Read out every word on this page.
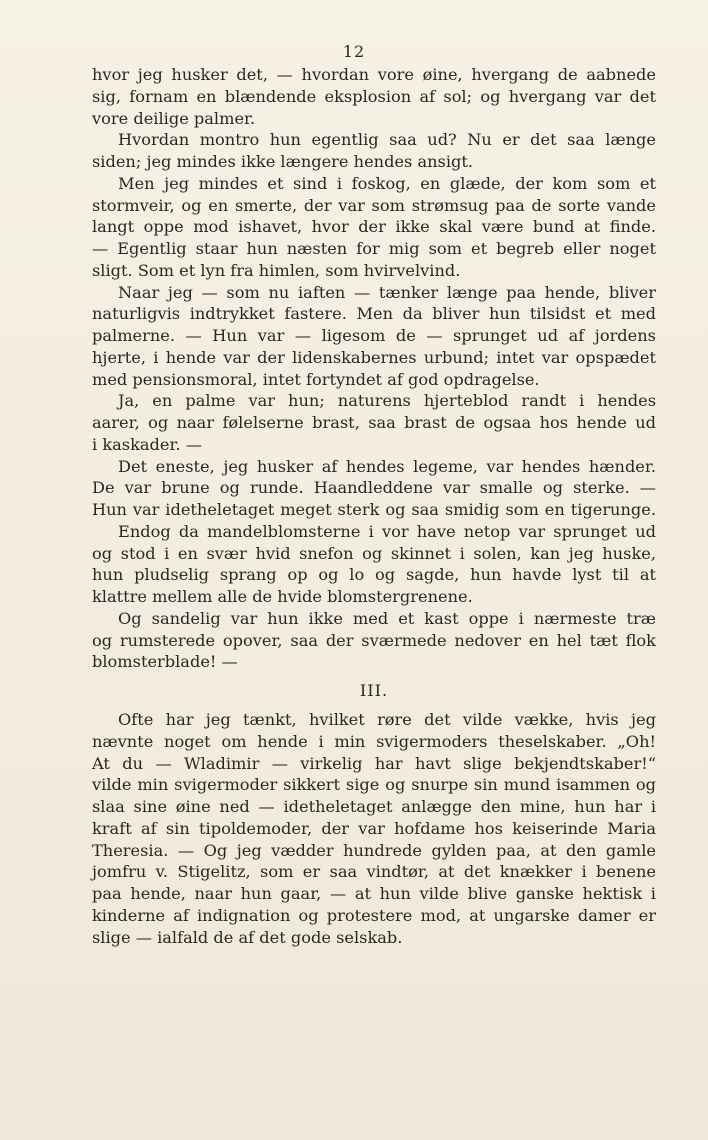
12
hvor jeg husker det, — hvordan vore øine, hvergang de aabnede
sig, fornam en blændende eksplosion af sol; og hvergang var det
vore deilige palmer.
Hvordan montro hun egentlig saa ud? Nu er det saa længe
siden; jeg mindes ikke længere hendes ansigt.
Men jeg mindes et sind i foskog, en glæde, der kom som et
stormveir, og en smerte, der var som strømsug paa de sorte vande
langt oppe mod ishavet, hvor der ikke skal være bund at finde.
— Egentlig staar hun næsten for mig som et begreb eller noget
sligt. Som et lyn fra himlen, som hvirvelvind.
Naar jeg — som nu iaften — tænker længe paa hende, bliver
naturligvis indtrykket fastere. Men da bliver hun tilsidst et med
palmerne. — Hun var — ligesom de — sprunget ud af jordens
hjerte, i hende var der lidenskabernes urbund; intet var opspædet
med pensionsmoral, intet fortyndet af god opdragelse.
Ja, en palme var hun; naturens hjerteblod randt i hendes
aarer, og naar følelserne brast, saa brast de ogsaa hos hende ud
i kaskader. —
Det eneste, jeg husker af hendes legeme, var hendes hænder.
De var brune og runde. Haandleddene var smalle og sterke. —
Hun var idetheletaget meget sterk og saa smidig som en tigerunge.
Endog da mandelblomsterne i vor have netop var sprunget ud
og stod i en svær hvid snefon og skinnet i solen, kan jeg huske,
hun pludselig sprang op og lo og sagde, hun havde lyst til at
klattre mellem alle de hvide blomstergrenene.
Og sandelig var hun ikke med et kast oppe i nærmeste træ
og rumsterede opover, saa der sværmede nedover en hel tæt flok
blomsterblade! —
III.
Ofte har jeg tænkt, hvilket røre det vilde vække, hvis jeg
nævnte noget om hende i min svigermoders theselskaber. „Oh!
At du — Wladimir — virkelig har havt slige bekjendtskaber!“
vilde min svigermoder sikkert sige og snurpe sin mund isammen og
slaa sine øine ned — idetheletaget anlægge den mine, hun har i
kraft af sin tipoldemoder, der var hofdame hos keiserinde Maria
Theresia. — Og jeg vædder hundrede gylden paa, at den gamle
jomfru v. Stigelitz, som er saa vindtør, at det knækker i benene
paa hende, naar hun gaar, — at hun vilde blive ganske hektisk i
kinderne af indignation og protestere mod, at ungarske damer er
slige — ialfald de af det gode selskab.
